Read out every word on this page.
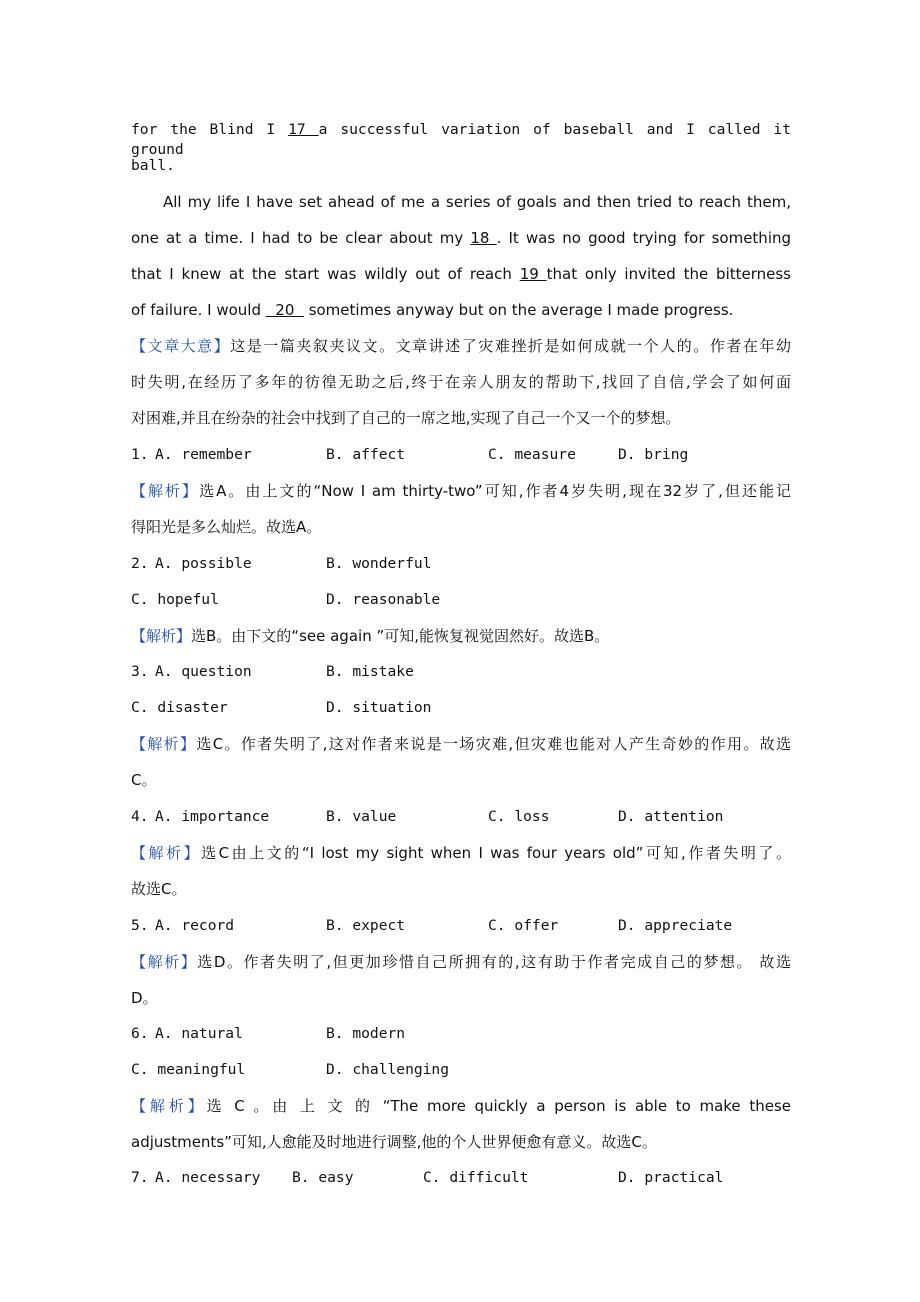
for the Blind I 17 a successful variation of baseball and I called it ground
ball.
All my life I have set ahead of me a series of goals and then tried to reach them,
one at a time. I had to be clear about my 18 . It was no good trying for something
that I knew at the start was wildly out of reach 19 that only invited the bitterness
of failure. I would   20   sometimes anyway but on the average I made progress.
【文章大意】这是一篇夹叙夹议文。文章讲述了灾难挫折是如何成就一个人的。作者在年幼
时失明,在经历了多年的彷徨无助之后,终于在亲人朋友的帮助下,找回了自信,学会了如何面
对困难,并且在纷杂的社会中找到了自己的一席之地,实现了自己一个又一个的梦想。
1. A. remember	B. affect	C. measure	D. bring
【解析】选A。由上文的“Now I am thirty-two”可知,作者4岁失明,现在32岁了,但还能记
得阳光是多么灿烂。故选A。
2. A. possible	B. wonderful
C. hopeful	D. reasonable
【解析】选B。由下文的“see again ”可知,能恢复视觉固然好。故选B。
3. A. question	B. mistake
C. disaster	D. situation
【解析】选C。作者失明了,这对作者来说是一场灾难,但灾难也能对人产生奇妙的作用。故选
C。
4. A. importance	B. value	C. loss	D. attention
【解析】选C由上文的“I lost my sight when I was four years old”可知,作者失明了。
故选C。
5. A. record	B. expect	C. offer	D. appreciate
【解析】选D。作者失明了,但更加珍惜自己所拥有的,这有助于作者完成自己的梦想。 故选
D。
6. A. natural	B. modern
C. meaningful	D. challenging
【解析】选 C 。由 上 文 的 “The more quickly a person is able to make these
adjustments”可知,人愈能及时地进行调整,他的个人世界便愈有意义。故选C。
7. A. necessary B. easy	C. difficult	D. practical
